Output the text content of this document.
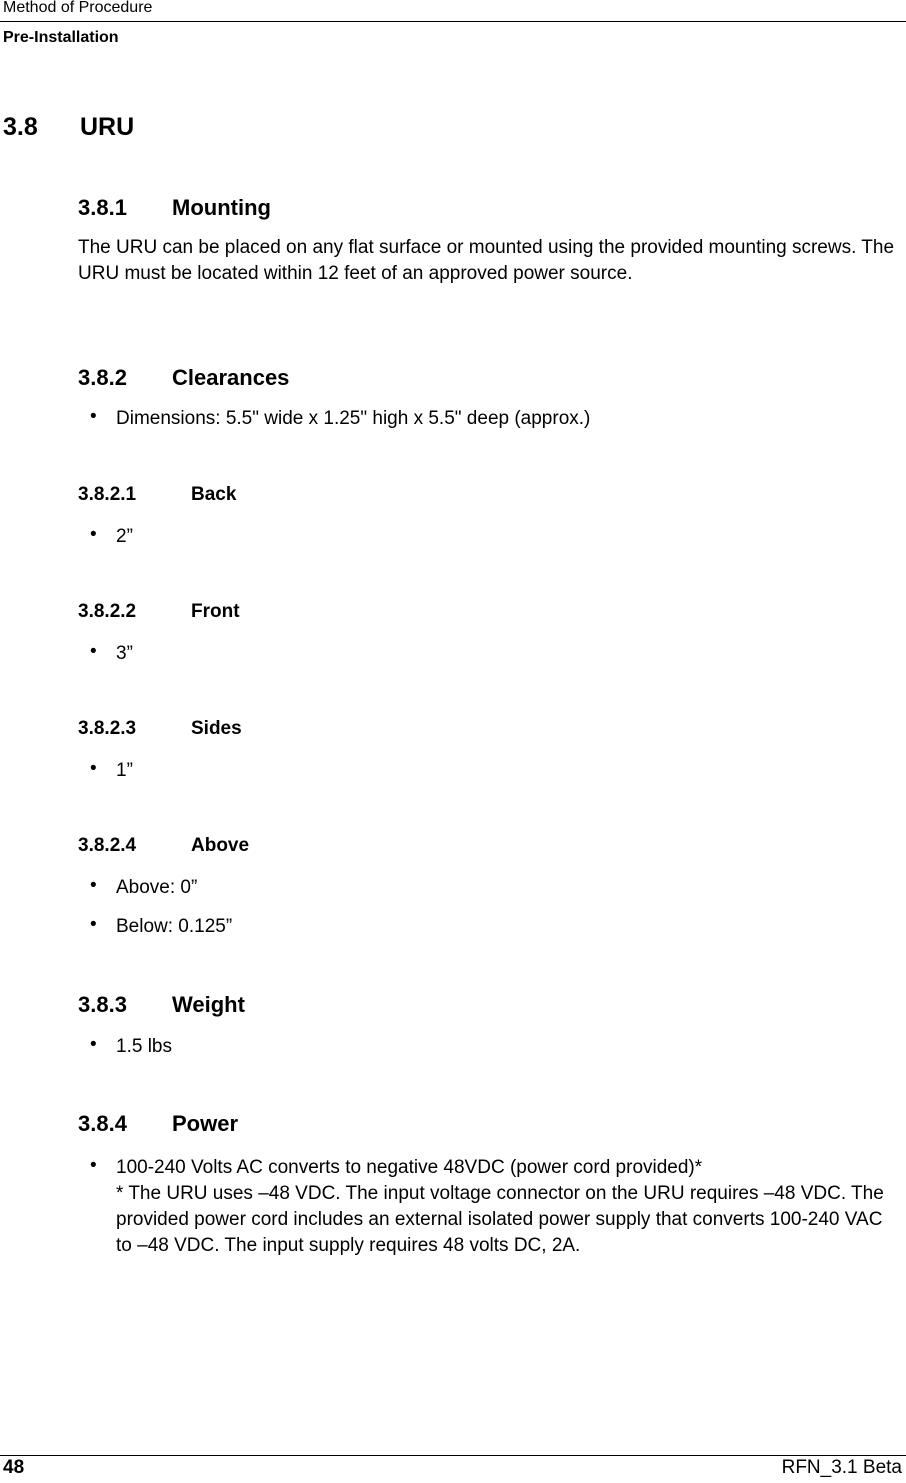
Method of Procedure
Pre-Installation
3.8 URU
3.8.1 Mounting
The URU can be placed on any flat surface or mounted using the provided mounting screws. The URU must be located within 12 feet of an approved power source.
3.8.2 Clearances
• Dimensions: 5.5" wide x 1.25" high x 5.5" deep (approx.)
3.8.2.1	Back
• 2”
3.8.2.2	Front
• 3”
3.8.2.3	Sides
• 1”
3.8.2.4	Above
• Above: 0”
• Below: 0.125”
3.8.3 Weight
• 1.5 lbs
3.8.4 Power
• 100-240 Volts AC converts to negative 48VDC (power cord provided)*
* The URU uses –48 VDC. The input voltage connector on the URU requires –48 VDC. The provided power cord includes an external isolated power supply that converts 100-240 VAC to –48 VDC. The input supply requires 48 volts DC, 2A.
48	RFN_3.1 Beta
